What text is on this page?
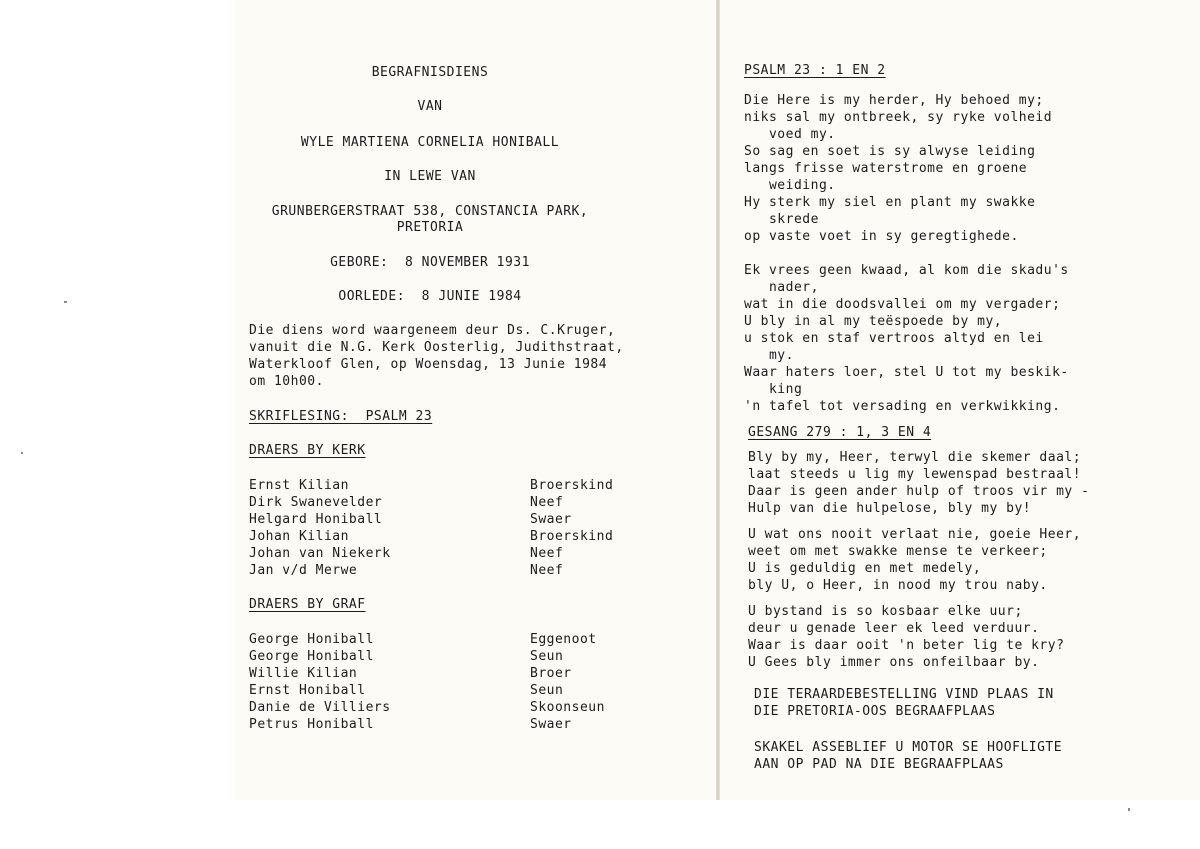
BEGRAFNISDIENS
VAN
WYLE MARTIENA CORNELIA HONIBALL
IN LEWE VAN
GRUNBERGERSTRAAT 538, CONSTANCIA PARK,
PRETORIA
GEBORE:  8 NOVEMBER 1931
OORLEDE:  8 JUNIE 1984
Die diens word waargeneem deur Ds. C.Kruger,
vanuit die N.G. Kerk Oosterlig, Judithstraat,
Waterkloof Glen, op Woensdag, 13 Junie 1984
om 10h00.
SKRIFLESING:  PSALM 23
DRAERS BY KERK
Ernst Kilian	Broerskind
Dirk Swanevelder	Neef
Helgard Honiball	Swaer
Johan Kilian	Broerskind
Johan van Niekerk	Neef
Jan v/d Merwe	Neef
DRAERS BY GRAF
George Honiball	Eggenoot
George Honiball	Seun
Willie Kilian	Broer
Ernst Honiball	Seun
Danie de Villiers	Skoonseun
Petrus Honiball	Swaer
PSALM 23 : 1 EN 2
Die Here is my herder, Hy behoed my;
niks sal my ontbreek, sy ryke volheid
voed my.
So sag en soet is sy alwyse leiding
langs frisse waterstrome en groene
weiding.
Hy sterk my siel en plant my swakke
skrede
op vaste voet in sy geregtighede.
Ek vrees geen kwaad, al kom die skadu's
nader,
wat in die doodsvallei om my vergader;
U bly in al my teëspoede by my,
u stok en staf vertroos altyd en lei
my.
Waar haters loer, stel U tot my beskik-
king
'n tafel tot versading en verkwikking.
GESANG 279 : 1, 3 EN 4
Bly by my, Heer, terwyl die skemer daal;
laat steeds u lig my lewenspad bestraal!
Daar is geen ander hulp of troos vir my -
Hulp van die hulpelose, bly my by!
U wat ons nooit verlaat nie, goeie Heer,
weet om met swakke mense te verkeer;
U is geduldig en met medely,
bly U, o Heer, in nood my trou naby.
U bystand is so kosbaar elke uur;
deur u genade leer ek leed verduur.
Waar is daar ooit 'n beter lig te kry?
U Gees bly immer ons onfeilbaar by.
DIE TERAARDEBESTELLING VIND PLAAS IN
DIE PRETORIA-OOS BEGRAAFPLAAS
SKAKEL ASSEBLIEF U MOTOR SE HOOFLIGTE
AAN OP PAD NA DIE BEGRAAFPLAAS
